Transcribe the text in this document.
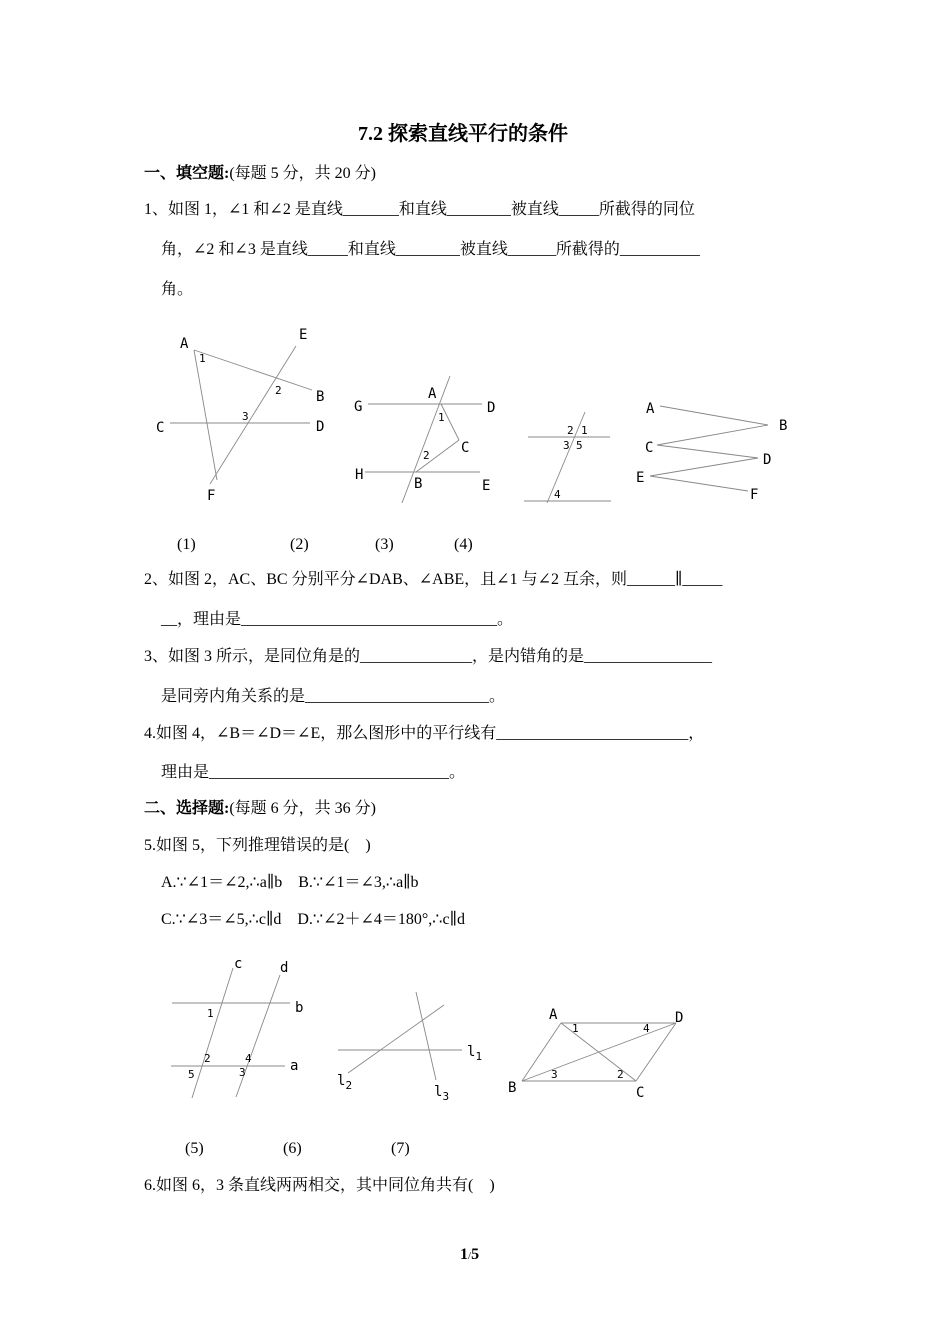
7.2 探索直线平行的条件
一、填空题:(每题 5 分，共 20 分)
1、如图 1，∠1 和∠2 是直线_______和直线________被直线_____所截得的同位
角，∠2 和∠3 是直线_____和直线________被直线______所截得的__________
角。
A
E
B
C	D
F
1
2
3
G
A
D
C
H
B	E
1
2
2 1
3 5
4
A
B
C
D
E
F
c	d
b
a
1
2	4
5	3
$l_1$
$l_2$	$l_3$
A	D
B	C
1	4
3	2
(1)	(2)	(3)	(4)
2、如图 2，AC、BC 分别平分∠DAB、∠ABE，且∠1 与∠2 互余，则______∥_____
__，理由是________________________________。
3、如图 3 所示，是同位角是的______________，是内错角的是________________
是同旁内角关系的是_______________________。
4.如图 4，∠B＝∠D＝∠E，那么图形中的平行线有________________________，
理由是______________________________。
二、选择题:(每题 6 分，共 36 分)
5.如图 5，下列推理错误的是(    )
A.∵∠1＝∠2,∴a∥b    B.∵∠1＝∠3,∴a∥b
C.∵∠3＝∠5,∴c∥d    D.∵∠2＋∠4＝180°,∴c∥d
(5)	(6)	(7)
6.如图 6，3 条直线两两相交，其中同位角共有(    )
1/5
